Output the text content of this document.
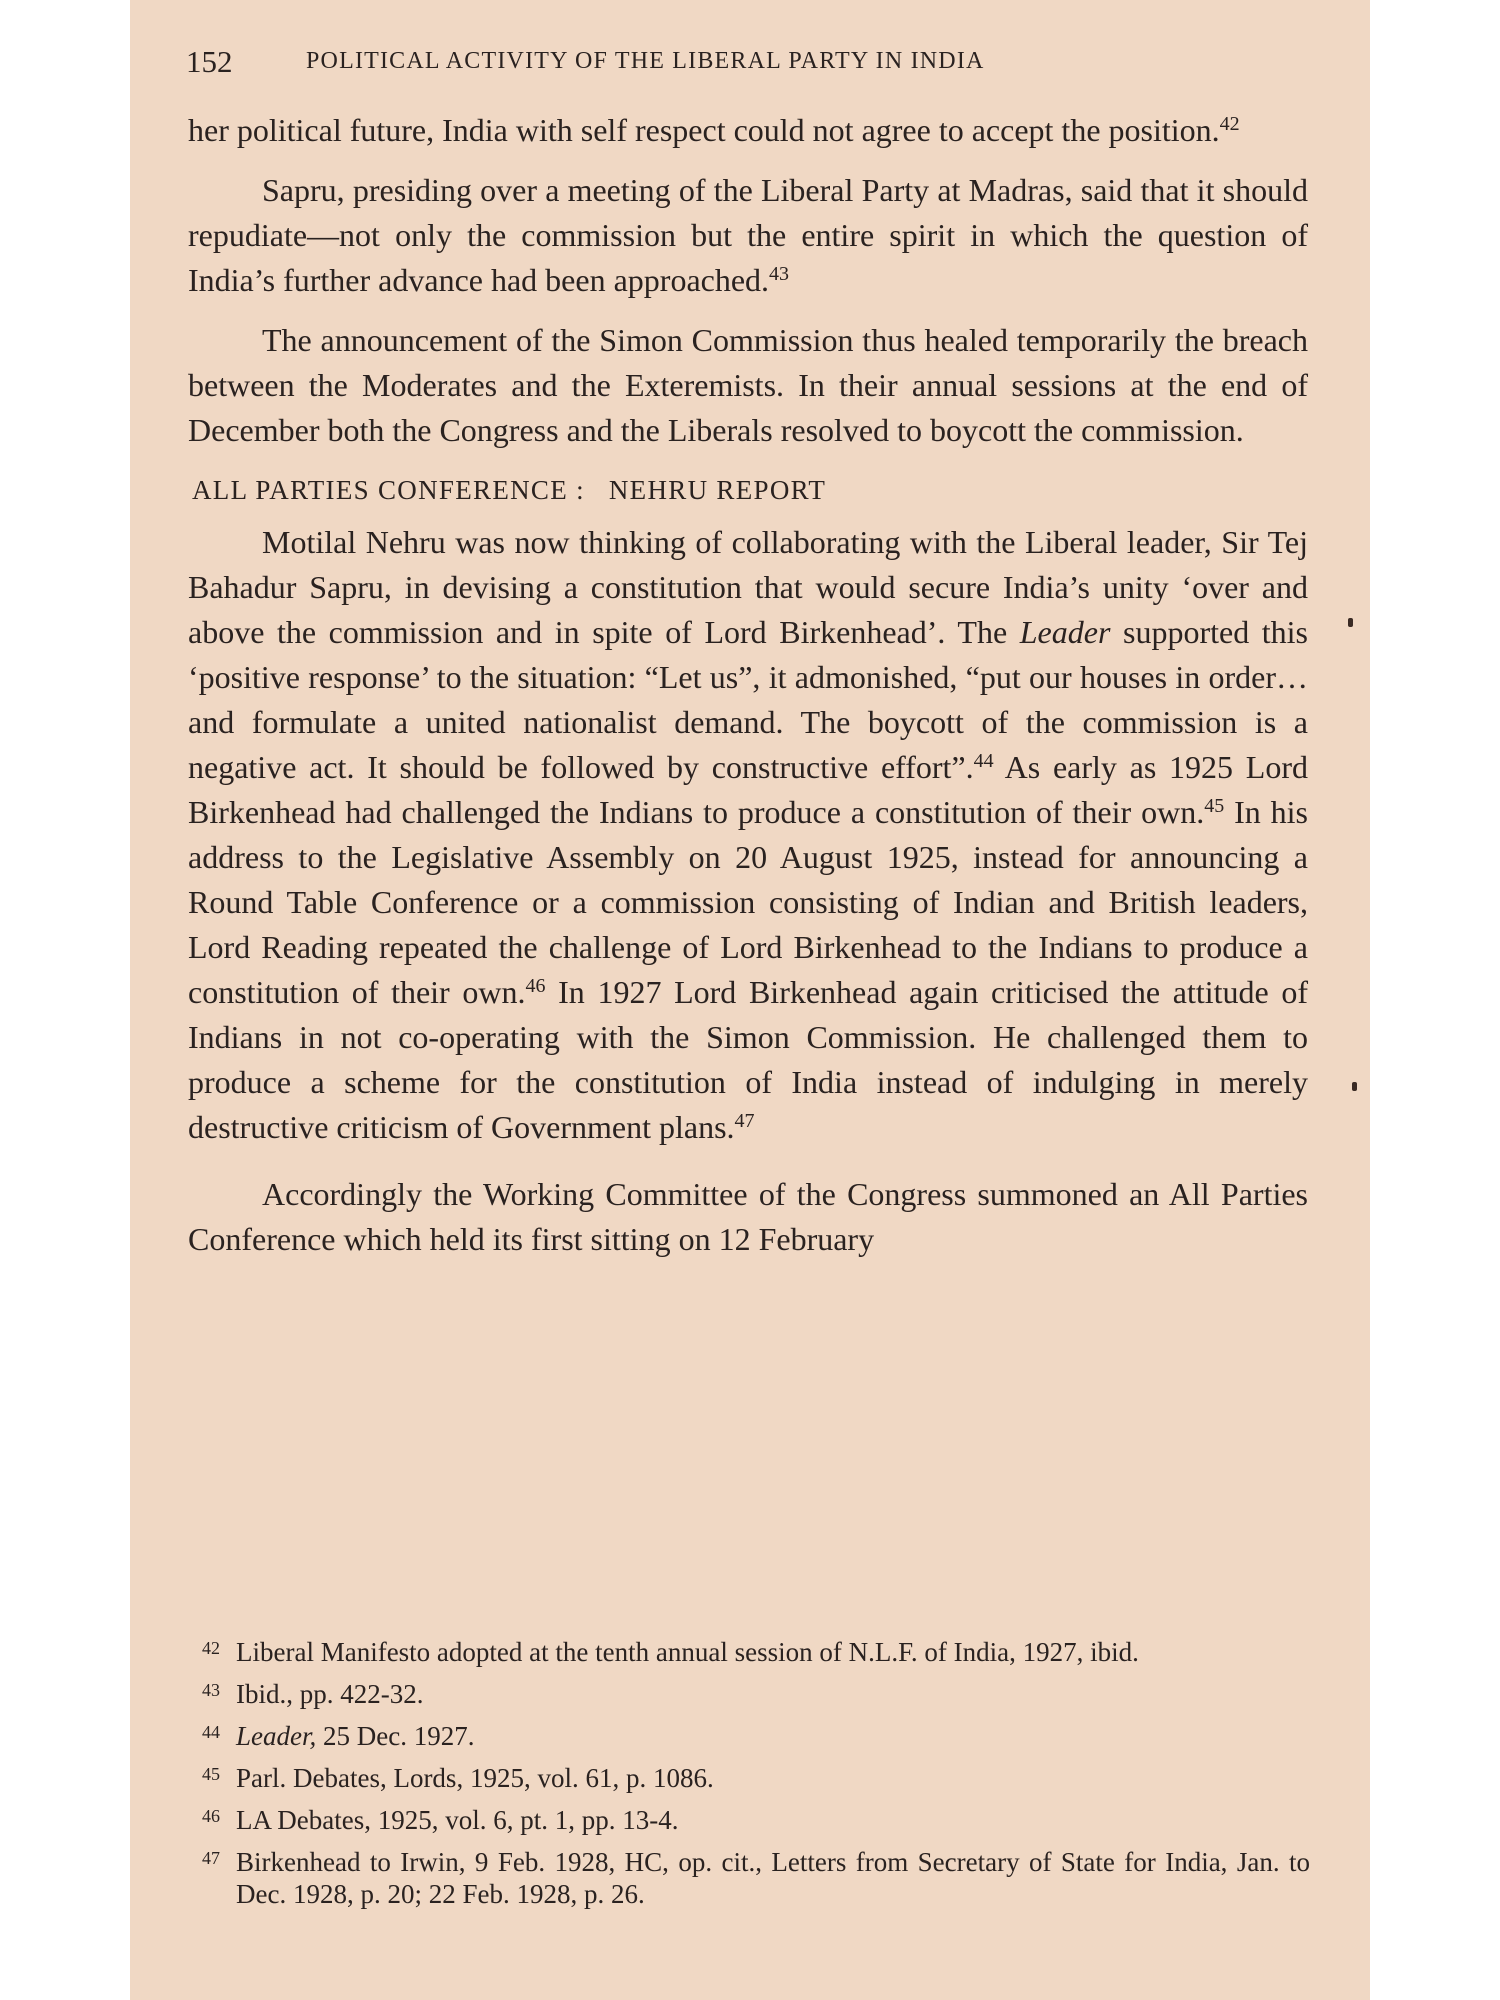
152	POLITICAL ACTIVITY OF THE LIBERAL PARTY IN INDIA

her political future, India with self respect could not agree to accept the position.$^{42}$

Sapru, presiding over a meeting of the Liberal Party at Madras, said that it should repudiate—not only the commission but the entire spirit in which the question of India’s further advance had been approached.$^{43}$

The announcement of the Simon Commission thus healed temporarily the breach between the Moderates and the Exteremists. In their annual sessions at the end of December both the Congress and the Liberals resolved to boycott the commission.

ALL PARTIES CONFERENCE : NEHRU REPORT

Motilal Nehru was now thinking of collaborating with the Liberal leader, Sir Tej Bahadur Sapru, in devising a constitution that would secure India’s unity ‘over and above the commission and in spite of Lord Birkenhead’. The Leader supported this ‘positive response’ to the situation: “Let us”, it admonished, “put our houses in order…and formulate a united nationalist demand. The boycott of the commission is a negative act. It should be followed by constructive effort”.$^{44}$ As early as 1925 Lord Birkenhead had challenged the Indians to produce a constitution of their own.$^{45}$ In his address to the Legislative Assembly on 20 August 1925, instead for announcing a Round Table Conference or a commission consisting of Indian and British leaders, Lord Reading repeated the challenge of Lord Birkenhead to the Indians to produce a constitution of their own.$^{46}$ In 1927 Lord Birkenhead again criticised the attitude of Indians in not co-operating with the Simon Commission. He challenged them to produce a scheme for the constitution of India instead of indulging in merely destructive criticism of Government plans.$^{47}$

Accordingly the Working Committee of the Congress summoned an All Parties Conference which held its first sitting on 12 February

42 Liberal Manifesto adopted at the tenth annual session of N.L.F. of India, 1927, ibid.
43 Ibid., pp. 422-32.
44 Leader, 25 Dec. 1927.
45 Parl. Debates, Lords, 1925, vol. 61, p. 1086.
46 LA Debates, 1925, vol. 6, pt. 1, pp. 13-4.
47 Birkenhead to Irwin, 9 Feb. 1928, HC, op. cit., Letters from Secretary of State for India, Jan. to Dec. 1928, p. 20; 22 Feb. 1928, p. 26.
